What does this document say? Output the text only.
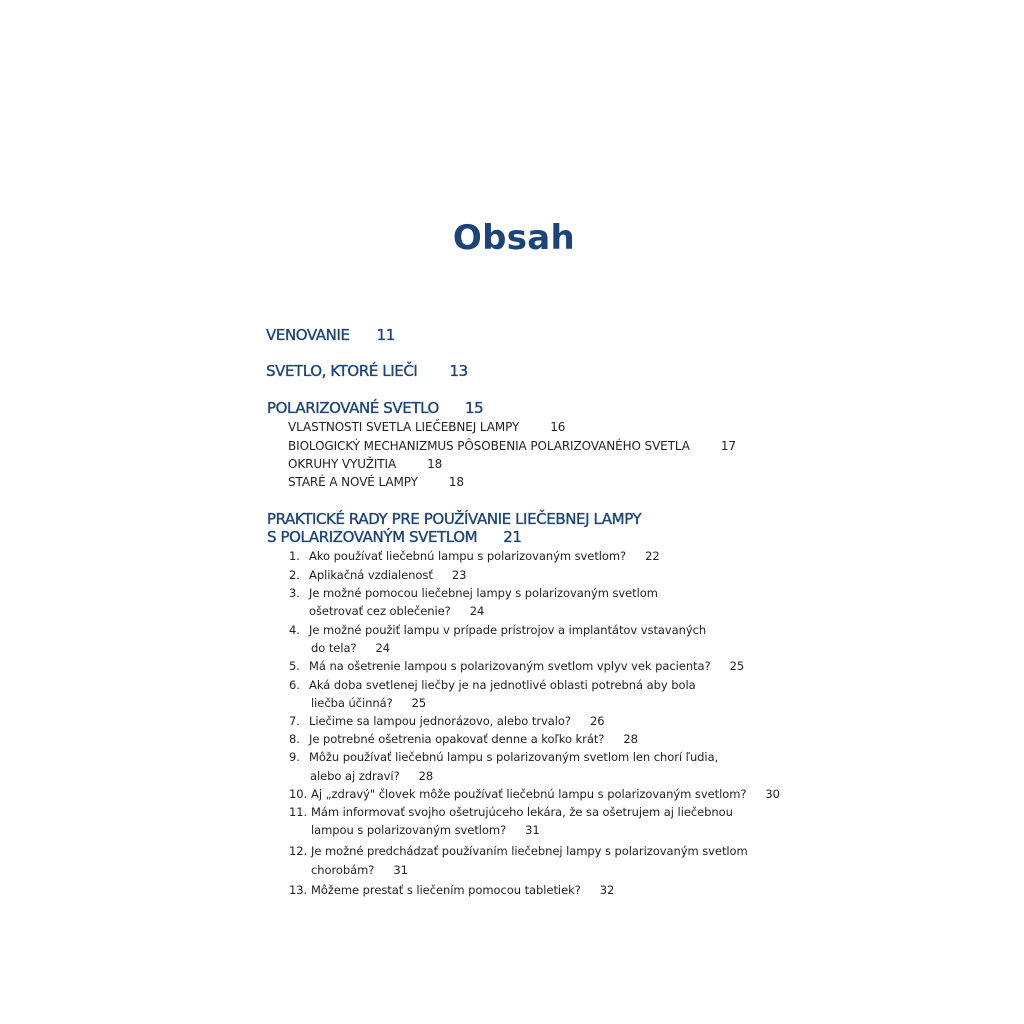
Obsah
VENOVANIE 11
SVETLO, KTORÉ LIEČI 13
POLARIZOVANÉ SVETLO 15
VLASTNOSTI SVETLA LIEČEBNEJ LAMPY	16
BIOLOGICKÝ MECHANIZMUS PÔSOBENIA POLARIZOVANÉHO SVETLA	17
OKRUHY VYUŽITIA	18
STARÉ A NOVÉ LAMPY	18
PRAKTICKÉ RADY PRE POUŽÍVANIE LIEČEBNEJ LAMPY
S POLARIZOVANÝM SVETLOM 21
1. Ako používať liečebnú lampu s polarizovaným svetlom? 22
2. Aplikačná vzdialenosť 23
3. Je možné pomocou liečebnej lampy s polarizovaným svetlom
ošetrovať cez oblečenie? 24
4. Je možné použiť lampu v prípade prístrojov a implantátov vstavaných
do tela? 24
5. Má na ošetrenie lampou s polarizovaným svetlom vplyv vek pacienta? 25
6. Aká doba svetlenej liečby je na jednotlivé oblasti potrebná aby bola
liečba účinná? 25
7. Liečime sa lampou jednorázovo, alebo trvalo? 26
8. Je potrebné ošetrenia opakovať denne a koľko krát? 28
9. Môžu používať liečebnú lampu s polarizovaným svetlom len chorí ľudia,
alebo aj zdraví? 28
10. Aj „zdravý" človek môže používať liečebnú lampu s polarizovaným svetlom? 30
11. Mám informovať svojho ošetrujúceho lekára, že sa ošetrujem aj liečebnou
lampou s polarizovaným svetlom? 31
12. Je možné predchádzať používaním liečebnej lampy s polarizovaným svetlom
chorobám? 31
13. Môžeme prestať s liečením pomocou tabletiek? 32
